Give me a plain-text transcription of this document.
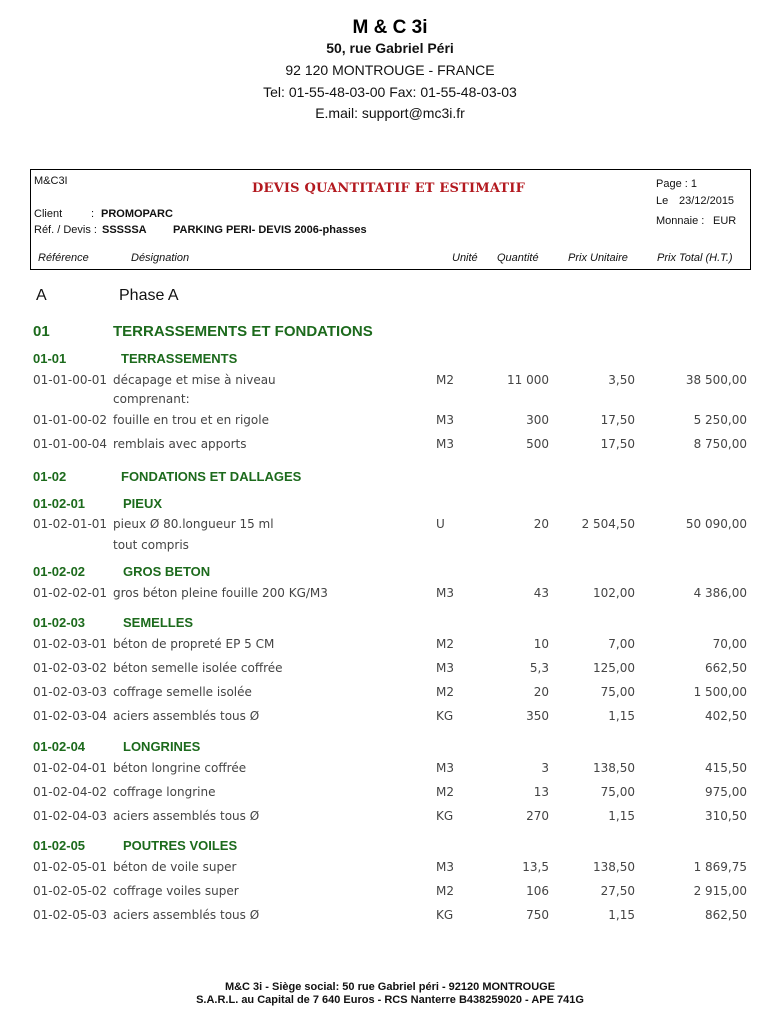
M & C 3i
50, rue Gabriel Péri
92 120 MONTROUGE - FRANCE
Tel: 01-55-48-03-00 Fax: 01-55-48-03-03
E.mail: support@mc3i.fr
M&C3I	DEVIS QUANTITATIF ET ESTIMATIF
Client	: PROMOPARC
Réf. / Devis : SSSSSA PARKING PERI- DEVIS 2006-phasses
Page : 1
Le 23/12/2015
Monnaie : EUR
Référence	Désignation	Unité Quantité	Prix Unitaire	Prix Total (H.T.)
A	Phase A
01	TERRASSEMENTS ET FONDATIONS
01-01	TERRASSEMENTS
01-01-00-01 décapage et mise à niveau	M2	11 000	3,50	38 500,00
comprenant:
01-01-00-02 fouille en trou et en rigole	M3	300	17,50	5 250,00
01-01-00-04 remblais avec apports	M3	500	17,50	8 750,00
01-02	FONDATIONS ET DALLAGES
01-02-01	PIEUX
01-02-01-01 pieux Ø 80.longueur 15 ml	U	20	2 504,50	50 090,00
tout compris
01-02-02	GROS BETON
01-02-02-01 gros béton pleine fouille 200 KG/M3	M3	43	102,00	4 386,00
01-02-03	SEMELLES
01-02-03-01 béton de propreté EP 5 CM	M2	10	7,00	70,00
01-02-03-02 béton semelle isolée coffrée	M3	5,3	125,00	662,50
01-02-03-03 coffrage semelle isolée	M2	20	75,00	1 500,00
01-02-03-04 aciers assemblés tous Ø	KG	350	1,15	402,50
01-02-04	LONGRINES
01-02-04-01 béton longrine coffrée	M3	3	138,50	415,50
01-02-04-02 coffrage longrine	M2	13	75,00	975,00
01-02-04-03 aciers assemblés tous Ø	KG	270	1,15	310,50
01-02-05	POUTRES VOILES
01-02-05-01 béton de voile super	M3	13,5	138,50	1 869,75
01-02-05-02 coffrage voiles super	M2	106	27,50	2 915,00
01-02-05-03 aciers assemblés tous Ø	KG	750	1,15	862,50
M&C 3i - Siège social: 50 rue Gabriel péri - 92120 MONTROUGE
S.A.R.L. au Capital de 7 640 Euros - RCS Nanterre B438259020 - APE 741G
